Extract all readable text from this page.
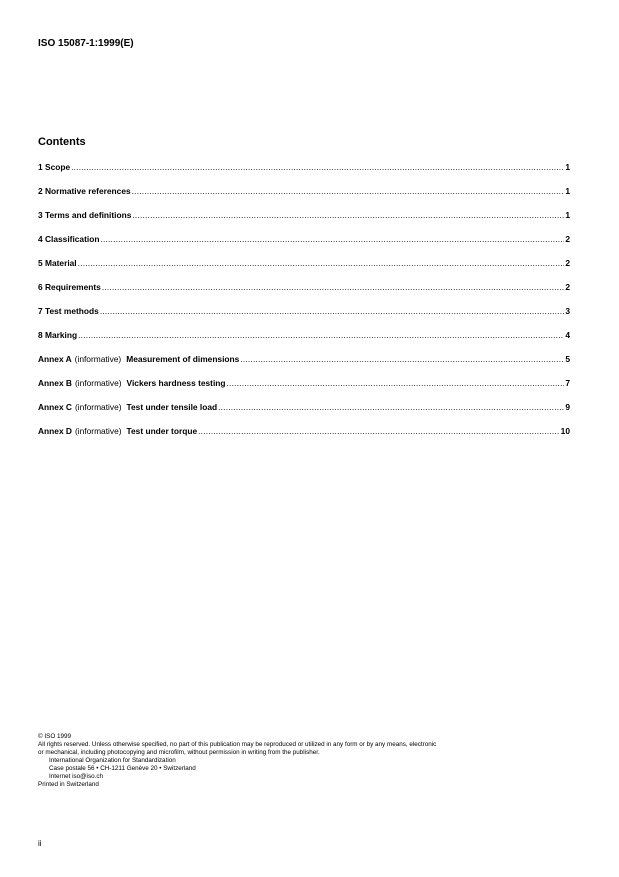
ISO 15087-1:1999(E)
Contents
1 Scope .....	1
2 Normative references .....	1
3 Terms and definitions .....	1
4 Classification .....	2
5 Material .....	2
6 Requirements .....	2
7 Test methods .....	3
8 Marking .....	4
Annex A (informative) Measurement of dimensions .....	5
Annex B (informative) Vickers hardness testing .....	7
Annex C (informative) Test under tensile load .....	9
Annex D (informative) Test under torque .....	10
© ISO 1999
All rights reserved. Unless otherwise specified, no part of this publication may be reproduced or utilized in any form or by any means, electronic
or mechanical, including photocopying and microfilm, without permission in writing from the publisher.
International Organization for Standardization
Case postale 56 • CH-1211 Genève 20 • Switzerland
Internet iso@iso.ch
Printed in Switzerland
ii
